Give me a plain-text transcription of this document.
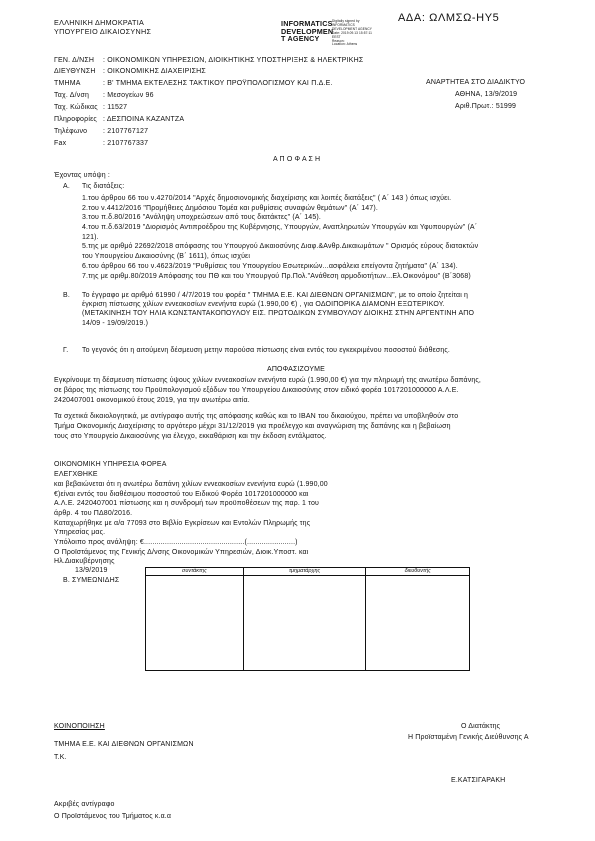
ΕΛΛΗΝΙΚΗ ΔΗΜΟΚΡΑΤΙΑ
ΥΠΟΥΡΓΕΙΟ ΔΙΚΑΙΟΣΥΝΗΣ
INFORMATICS
DEVELOPMEN
T AGENCY
Digitally signed by
INFORMATICS
DEVELOPMENT AGENCY
Date: 2019.09.13 15:57:11
EEST
Reason:
Location: Athens
ΑΔΑ: ΩΛΜΣΩ-ΗΥ5
ΓΕΝ. Δ/ΝΣΗ : ΟΙΚΟΝΟΜΙΚΩΝ ΥΠΗΡΕΣΙΩΝ, ΔΙΟΙΚΗΤΙΚΗΣ ΥΠΟΣΤΗΡΙΞΗΣ & ΗΛΕΚΤΡΙΚΗΣ
ΔΙΕΥΘΥΝΣΗ : ΟΙΚΟΝΟΜΙΚΗΣ ΔΙΑΧΕΙΡΙΣΗΣ
ΤΜΗΜΑ	: Β' ΤΜΗΜΑ ΕΚΤΕΛΕΣΗΣ ΤΑΚΤΙΚΟΥ ΠΡΟΫΠΟΛΟΓΙΣΜΟΥ ΚΑΙ Π.Δ.Ε.
Ταχ. Δ/νση : Μεσογείων 96
Ταχ. Κώδικας : 11527
Πληροφορίες : ΔΕΣΠΟΙΝΑ ΚΑΖΑΝΤΖΑ
Τηλέφωνο : 2107767127
Fax	: 2107767337
ΑΝΑΡΤΗΤΕΑ ΣΤΟ ΔΙΑΔΙΚΤΥΟ
ΑΘΗΝΑ, 13/9/2019
Αριθ.Πρωτ.: 51999
Α Π Ο Φ Α Σ Η
Έχοντας υπόψη :
Α. Τις διατάξεις:
1.του άρθρου 66 του ν.4270/2014 "Αρχές δημοσιονομικής διαχείρισης και λοιπές διατάξεις" ( Α΄ 143 ) όπως ισχύει.
2.του ν.4412/2016 "Προμήθειες Δημόσιου Τομέα και ρυθμίσεις συναφών θεμάτων" (Α΄ 147).
3.του π.δ.80/2016 "Ανάληψη υποχρεώσεων από τους διατάκτες" (Α΄ 145).
4.του π.δ.63/2019 "Διορισμός Αντιπροέδρου της Κυβέρνησης, Υπουργών, Αναπληρωτών Υπουργών και Υφυπουργών" (Α΄
121).
5.της με αριθμό 22692/2018 απόφασης του Υπουργού Δικαιοσύνης Διαφ.&Ανθρ.Δικαιωμάτων " Ορισμός εύρους διατακτών
του Υπουργείου Δικαιοσύνης (Β΄ 1611), όπως ισχύει
6.του άρθρου 66 του ν.4623/2019 "Ρυθμίσεις του Υπουργείου Εσωτερικών...ασφάλεια επείγοντα ζητήματα" (Α΄ 134).
7.της με αριθμ.80/2019 Απόφασης του ΠΘ και του Υπουργού Πρ.Πολ."Ανάθεση αρμοδιοτήτων...Ελ.Οικονόμου" (Β΄3068)
Β. Το έγγραφο με αριθμό 61990 / 4/7/2019 του φορέα " ΤΜΗΜΑ Ε.Ε. ΚΑΙ ΔΙΕΘΝΩΝ ΟΡΓΑΝΙΣΜΩΝ", με το οποίο ζητείται η
έγκριση πίστωσης χιλίων εννεακοσίων ενενήντα ευρώ (1.990,00 €) , για ΟΔΟΙΠΟΡΙΚΑ ΔΙΑΜΟΝΗ ΕΞΩΤΕΡΙΚΟΥ.
(ΜΕΤΑΚΙΝΗΣΗ ΤΟΥ ΗΛΙΑ ΚΩΝΣΤΑΝΤΑΚΟΠΟΥΛΟΥ ΕΙΣ. ΠΡΩΤΟΔΙΚΩΝ ΣΥΜΒΟΥΛΟΥ ΔΙΟΙΚΗΣ ΣΤΗΝ ΑΡΓΕΝΤΙΝΗ ΑΠΟ
14/09 - 19/09/2019.)
Γ. Το γεγονός ότι η αιτούμενη δέσμευση μετην παρούσα πίστωσης είναι εντός του εγκεκριμένου ποσοστού διάθεσης.
ΑΠΟΦΑΣΙΖΟΥΜΕ
Εγκρίνουμε τη δέσμευση πίστωσης ύψους χιλίων εννεακοσίων ενενήντα ευρώ (1.990,00 €) για την πληρωμή της ανωτέρω δαπάνης,
σε βάρος της πίστωσης του Προϋπολογισμού εξόδων του Υπουργείου Δικαιοσύνης στον ειδικό φορέα 1017201000000 Α.Λ.Ε.
2420407001 οικονομικού έτους 2019, για την ανωτέρω αιτία.
Τα σχετικά δικαιολογητικά, με αντίγραφο αυτής της απόφασης καθώς και το ΙΒΑΝ του δικαιούχου, πρέπει να υποβληθούν στο
Τμήμα Οικονομικής Διαχείρισης το αργότερο μέχρι 31/12/2019 για προέλεγχο και αναγνώριση της δαπάνης και η βεβαίωση
τους στο Υπουργείο Δικαιοσύνης για έλεγχο, εκκαθάριση και την έκδοση εντάλματος.
ΟΙΚΟΝΟΜΙΚΗ ΥΠΗΡΕΣΙΑ ΦΟΡΕΑ
ΕΛΕΓΧΘΗΚΕ
και βεβαιώνεται ότι η ανωτέρω δαπάνη χιλίων εννεακοσίων ενενήντα ευρώ (1.990,00
€)είναι εντός του διαθέσιμου ποσοστού του Ειδικού Φορέα 1017201000000 και
Α.Λ.Ε. 2420407001 πίστωσης και η συνδρομή των προϋποθέσεων της παρ. 1 του
άρθρ. 4 του ΠΔ80/2016.
Καταχωρήθηκε με α/α 77093 στο Βιβλίο Εγκρίσεων και Εντολών Πληρωμής της
Υπηρεσίας μας.
Υπόλοιπο προς ανάληψη: €................................................(.......................)
Ο Προϊστάμενος της Γενικής Δ/νσης Οικονομικών Υπηρεσιών, Διοικ.Υποστ. και
Ηλ.Διακυβέρνησης
13/9/2019
Β. ΣΥΜΕΩΝΙΔΗΣ
συντάκτης	τμηματάρχης	διευθυντής

ΚΟΙΝΟΠΟΙΗΣΗ
ΤΜΗΜΑ Ε.Ε. ΚΑΙ ΔΙΕΘΝΩΝ ΟΡΓΑΝΙΣΜΩΝ
Τ.Κ.
Ο Διατάκτης
Η Προϊσταμένη Γενικής Διεύθυνσης Α
Ε.ΚΑΤΣΙΓΑΡΑΚΗ
Ακριβές αντίγραφο
Ο Προϊστάμενος του Τμήματος κ.α.α
